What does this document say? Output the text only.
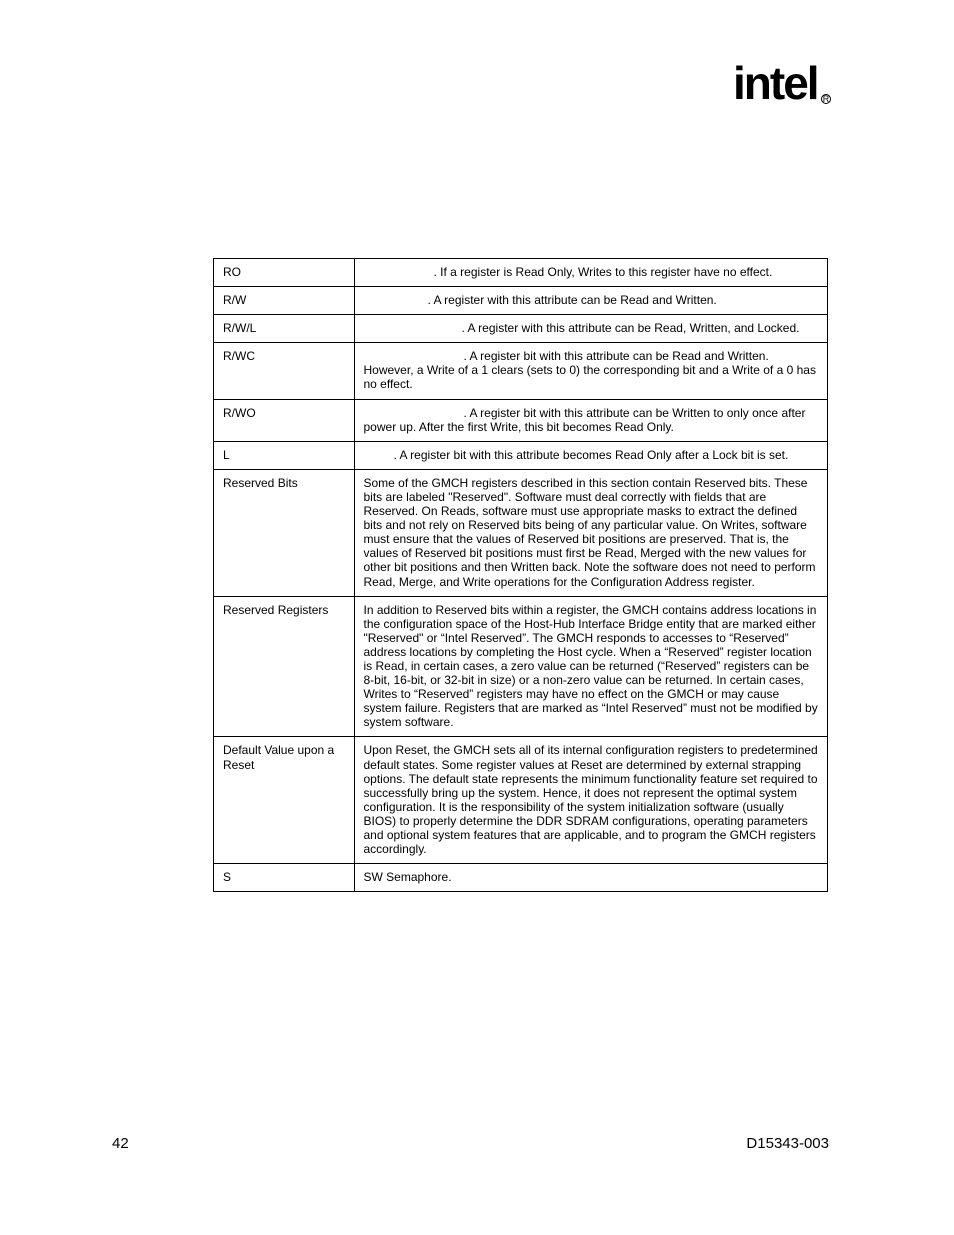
intel R
RO	. If a register is Read Only, Writes to this register have no effect.
R/W	. A register with this attribute can be Read and Written.
R/W/L	. A register with this attribute can be Read, Written, and Locked.
R/WC	. A register bit with this attribute can be Read and Written. However, a Write of a 1 clears (sets to 0) the corresponding bit and a Write of a 0 has no effect.
R/WO	. A register bit with this attribute can be Written to only once after power up. After the first Write, this bit becomes Read Only.
L	. A register bit with this attribute becomes Read Only after a Lock bit is set.
Reserved Bits	Some of the GMCH registers described in this section contain Reserved bits. These bits are labeled "Reserved". Software must deal correctly with fields that are Reserved. On Reads, software must use appropriate masks to extract the defined bits and not rely on Reserved bits being of any particular value. On Writes, software must ensure that the values of Reserved bit positions are preserved. That is, the values of Reserved bit positions must first be Read, Merged with the new values for other bit positions and then Written back. Note the software does not need to perform Read, Merge, and Write operations for the Configuration Address register.
Reserved Registers	In addition to Reserved bits within a register, the GMCH contains address locations in the configuration space of the Host-Hub Interface Bridge entity that are marked either "Reserved" or “Intel Reserved”. The GMCH responds to accesses to “Reserved” address locations by completing the Host cycle. When a “Reserved” register location is Read, in certain cases, a zero value can be returned (“Reserved” registers can be 8-bit, 16-bit, or 32-bit in size) or a non-zero value can be returned. In certain cases, Writes to “Reserved” registers may have no effect on the GMCH or may cause system failure. Registers that are marked as “Intel Reserved” must not be modified by system software.
Default Value upon a Reset	Upon Reset, the GMCH sets all of its internal configuration registers to predetermined default states. Some register values at Reset are determined by external strapping options. The default state represents the minimum functionality feature set required to successfully bring up the system. Hence, it does not represent the optimal system configuration. It is the responsibility of the system initialization software (usually BIOS) to properly determine the DDR SDRAM configurations, operating parameters and optional system features that are applicable, and to program the GMCH registers accordingly.
S	SW Semaphore.
42	D15343-003
